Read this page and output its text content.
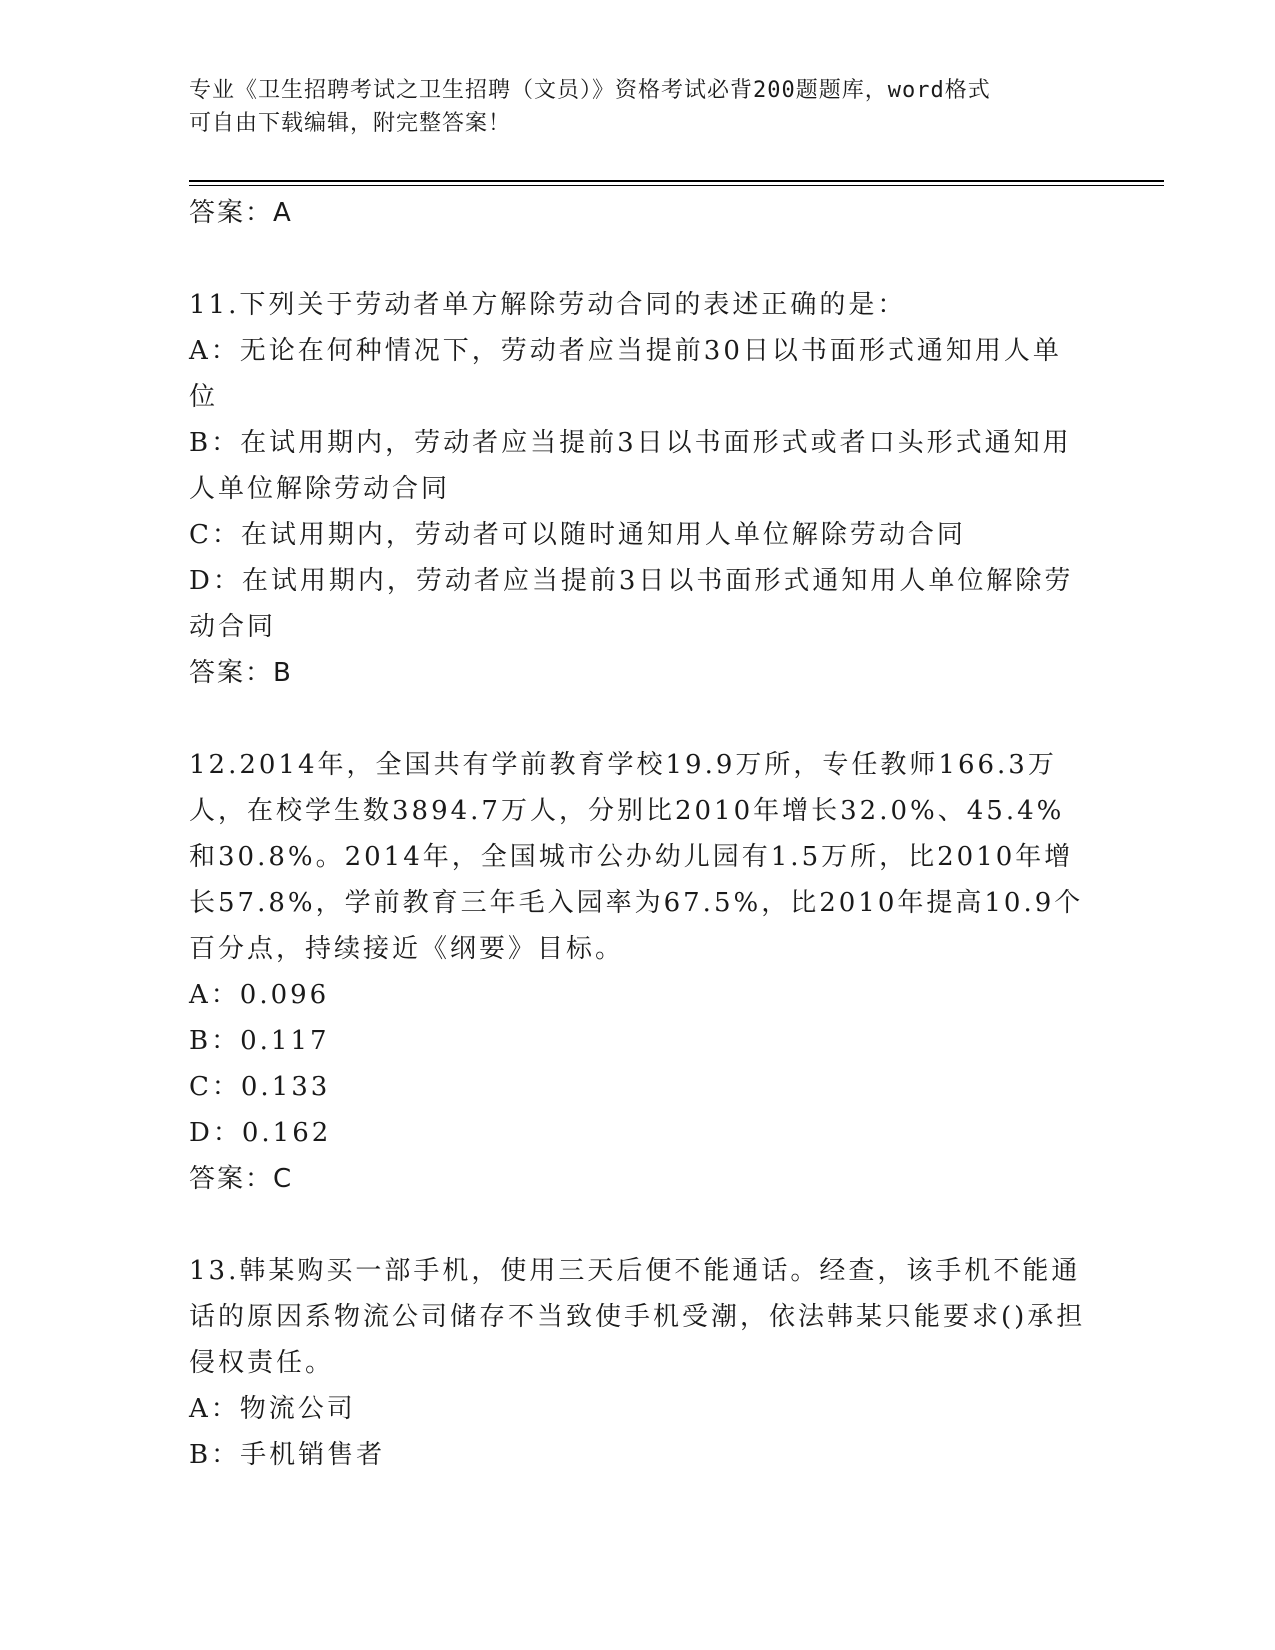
专业《卫生招聘考试之卫生招聘（文员）》资格考试必背200题题库，word格式
可自由下载编辑，附完整答案！

答案：A

11.下列关于劳动者单方解除劳动合同的表述正确的是：

A：无论在何种情况下，劳动者应当提前30日以书面形式通知用人单位

B：在试用期内，劳动者应当提前3日以书面形式或者口头形式通知用人单位解除劳动合同

C：在试用期内，劳动者可以随时通知用人单位解除劳动合同

D：在试用期内，劳动者应当提前3日以书面形式通知用人单位解除劳动合同

答案：B

12.2014年，全国共有学前教育学校19.9万所，专任教师166.3万人，在校学生数3894.7万人，分别比2010年增长32.0%、45.4%和30.8%。2014年，全国城市公办幼儿园有1.5万所，比2010年增长57.8%，学前教育三年毛入园率为67.5%，比2010年提高10.9个百分点，持续接近《纲要》目标。

A：0.096

B：0.117

C：0.133

D：0.162

答案：C

13.韩某购买一部手机，使用三天后便不能通话。经查，该手机不能通话的原因系物流公司储存不当致使手机受潮，依法韩某只能要求()承担侵权责任。

A：物流公司

B：手机销售者
